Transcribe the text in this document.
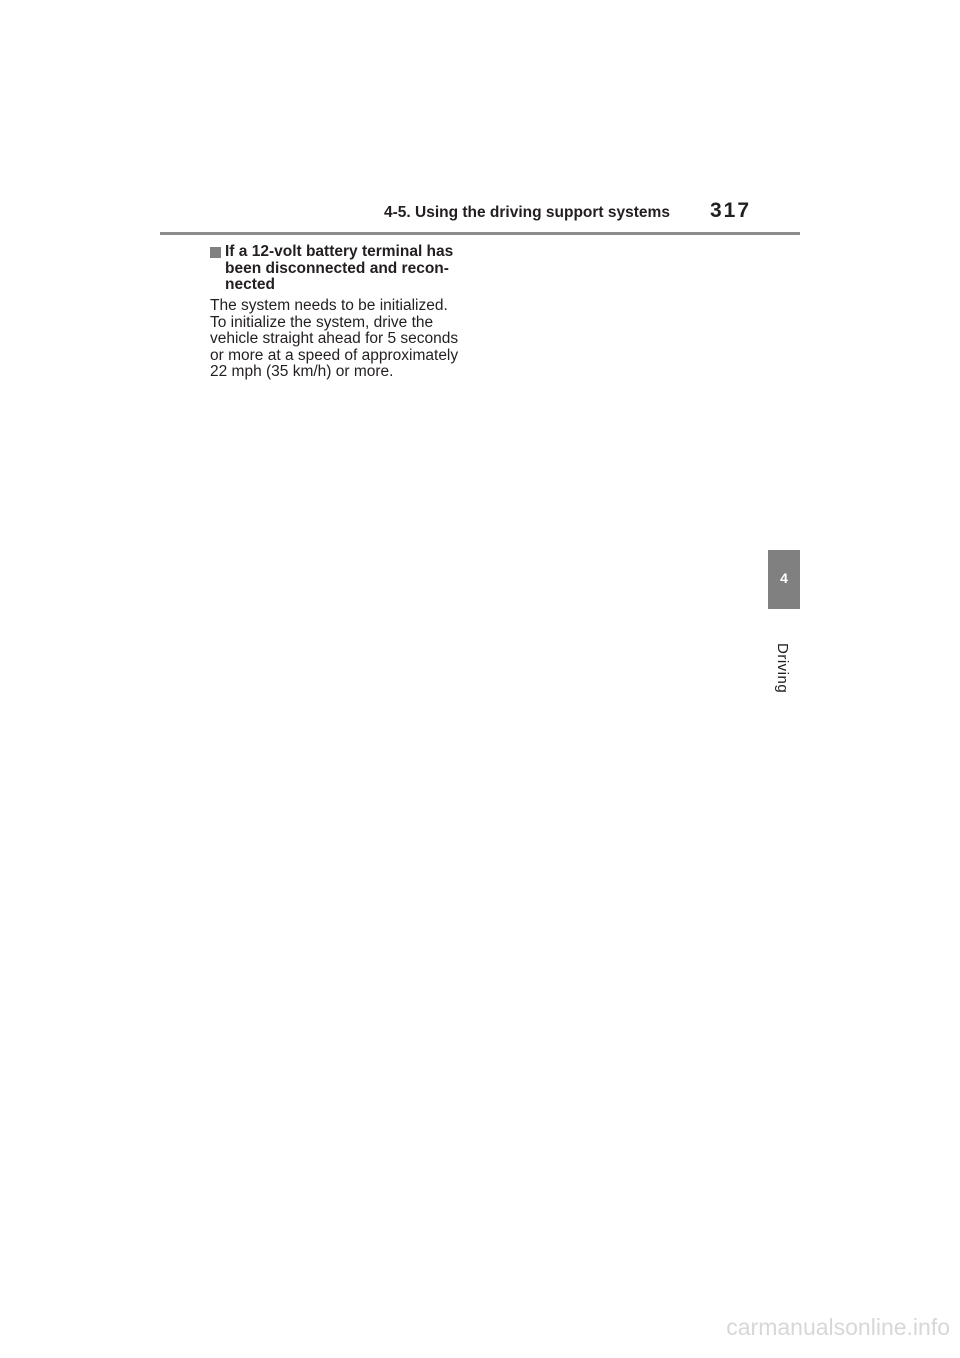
4-5. Using the driving support systems	317
If a 12-volt battery terminal has
been disconnected and recon-
nected
The system needs to be initialized.
To initialize the system, drive the
vehicle straight ahead for 5 seconds
or more at a speed of approximately
22 mph (35 km/h) or more.
4
Driving
carmanualsonline.info
